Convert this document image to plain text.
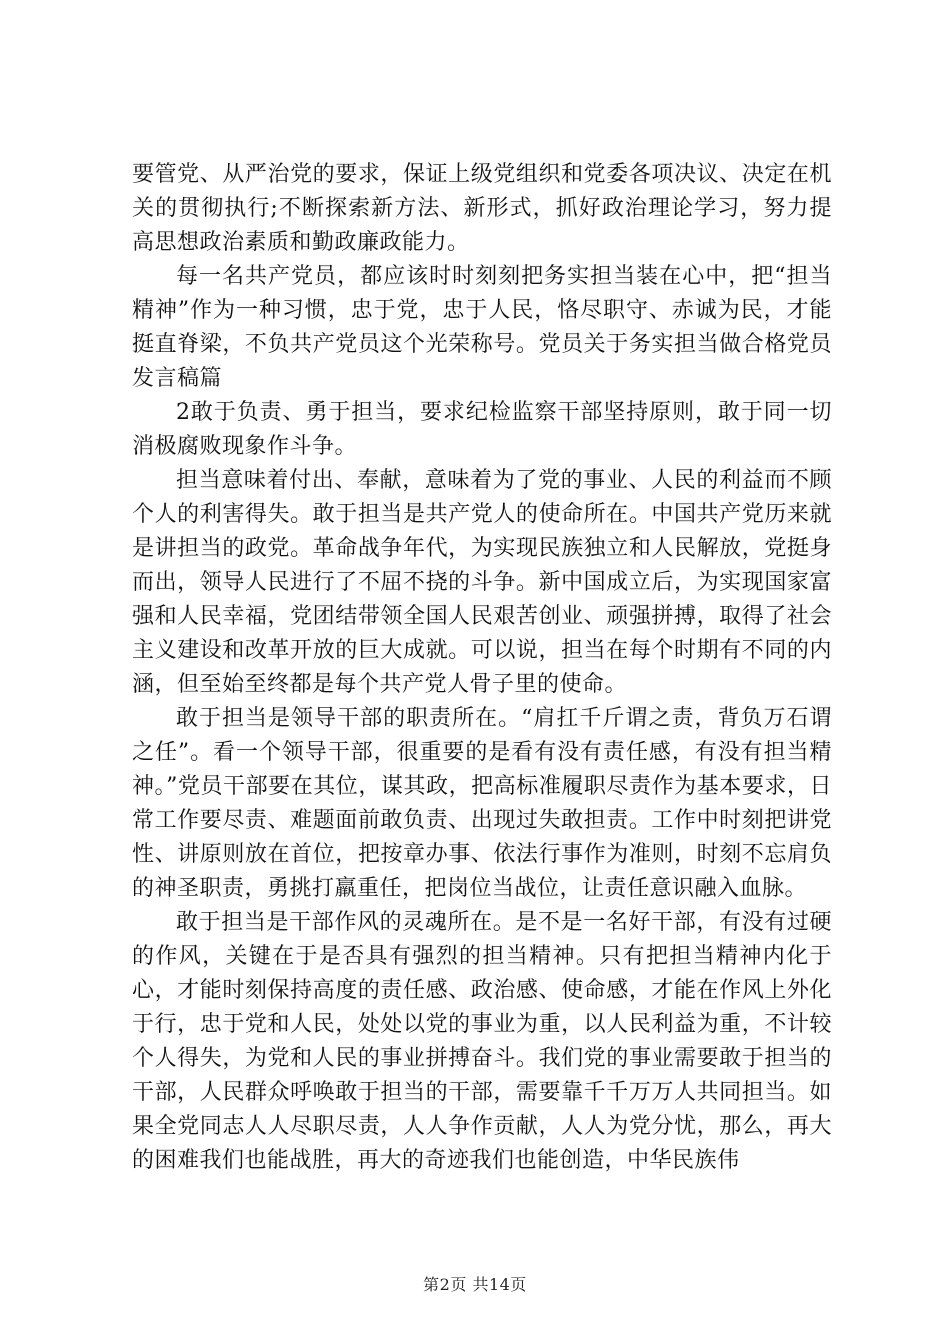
要管党、从严治党的要求，保证上级党组织和党委各项决议、决定在机关的贯彻执行;不断探索新方法、新形式，抓好政治理论学习，努力提高思想政治素质和勤政廉政能力。

每一名共产党员，都应该时时刻刻把务实担当装在心中，把“担当精神”作为一种习惯，忠于党，忠于人民，恪尽职守、赤诚为民，才能挺直脊梁，不负共产党员这个光荣称号。党员关于务实担当做合格党员发言稿篇

2敢于负责、勇于担当，要求纪检监察干部坚持原则，敢于同一切消极腐败现象作斗争。

担当意味着付出、奉献，意味着为了党的事业、人民的利益而不顾个人的利害得失。敢于担当是共产党人的使命所在。中国共产党历来就是讲担当的政党。革命战争年代，为实现民族独立和人民解放，党挺身而出，领导人民进行了不屈不挠的斗争。新中国成立后，为实现国家富强和人民幸福，党团结带领全国人民艰苦创业、顽强拼搏，取得了社会主义建设和改革开放的巨大成就。可以说，担当在每个时期有不同的内涵，但至始至终都是每个共产党人骨子里的使命。

敢于担当是领导干部的职责所在。“肩扛千斤谓之责，背负万石谓之任”。看一个领导干部，很重要的是看有没有责任感，有没有担当精神。”党员干部要在其位，谋其政，把高标准履职尽责作为基本要求，日常工作要尽责、难题面前敢负责、出现过失敢担责。工作中时刻把讲党性、讲原则放在首位，把按章办事、依法行事作为准则，时刻不忘肩负的神圣职责，勇挑打羸重任，把岗位当战位，让责任意识融入血脉。

敢于担当是干部作风的灵魂所在。是不是一名好干部，有没有过硬的作风，关键在于是否具有强烈的担当精神。只有把担当精神内化于心，才能时刻保持高度的责任感、政治感、使命感，才能在作风上外化于行，忠于党和人民，处处以党的事业为重，以人民利益为重，不计较个人得失，为党和人民的事业拼搏奋斗。我们党的事业需要敢于担当的干部，人民群众呼唤敢于担当的干部，需要靠千千万万人共同担当。如果全党同志人人尽职尽责，人人争作贡献，人人为党分忧，那么，再大的困难我们也能战胜，再大的奇迹我们也能创造，中华民族伟

第2页 共14页
